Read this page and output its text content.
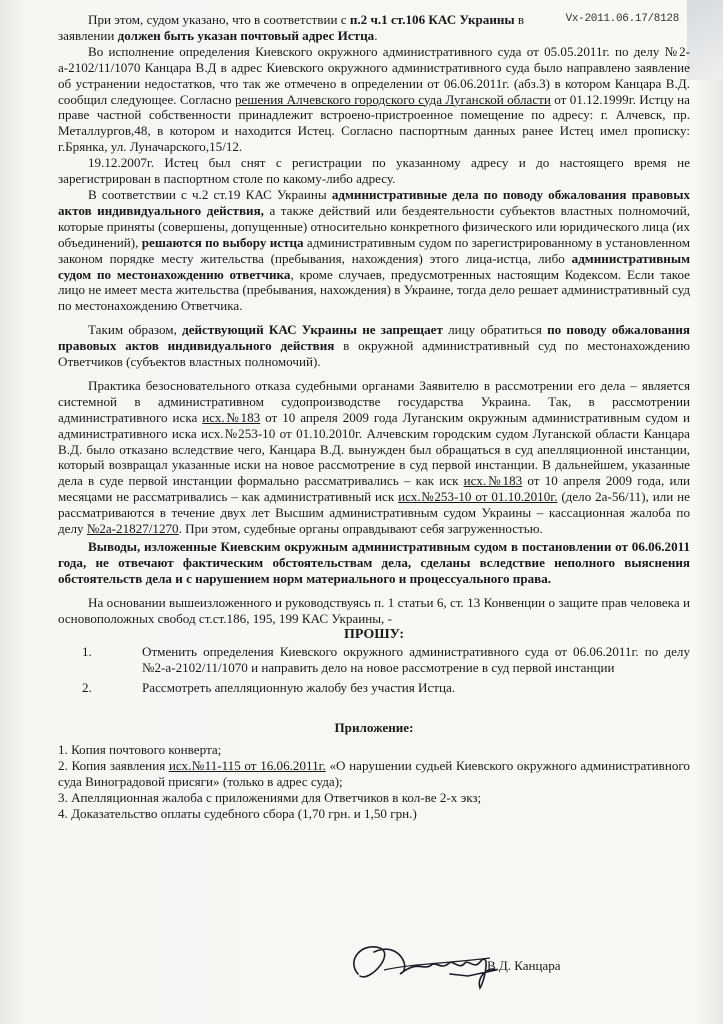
Vх-2011.06.17/8128

При этом, судом указано, что в соответствии с п.2 ч.1 ст.106 КАС Украины в

заявлении должен быть указан почтовый адрес Истца.

Во исполнение определения Киевского окружного административного суда от 05.05.2011г. по делу №2-а-2102/11/1070 Канцара В.Д в адрес Киевского окружного административного суда было направлено заявление об устранении недостатков, что так же отмечено в определении от 06.06.2011г. (абз.3) в котором Канцара В.Д. сообщил следующее. Согласно решения Алчевского городского суда Луганской области от 01.12.1999г. Истцу на праве частной собственности принадлежит встроено-пристроенное помещение по адресу: г. Алчевск, пр. Металлургов,48, в котором и находится Истец. Согласно паспортным данных ранее Истец имел прописку: г.Брянка, ул. Луначарского,15/12.

19.12.2007г. Истец был снят с регистрации по указанному адресу и до настоящего время не зарегистрирован в паспортном столе по какому-либо адресу.

В соответствии с ч.2 ст.19 КАС Украины административные дела по поводу обжалования правовых актов индивидуального действия, а также действий или бездеятельности субъектов властных полномочий, которые приняты (совершены, допущенные) относительно конкретного физического или юридического лица (их объединений), решаются по выбору истца административным судом по зарегистрированному в установленном законом порядке месту жительства (пребывания, нахождения) этого лица-истца, либо административным судом по местонахождению ответчика, кроме случаев, предусмотренных настоящим Кодексом. Если такое лицо не имеет места жительства (пребывания, нахождения) в Украине, тогда дело решает административный суд по местонахождению Ответчика.

Таким образом, действующий КАС Украины не запрещает лицу обратиться по поводу обжалования правовых актов индивидуального действия в окружной административный суд по местонахождению Ответчиков (субъектов властных полномочий).

Практика безосновательного отказа судебными органами Заявителю в рассмотрении его дела – является системной в административном судопроизводстве государства Украина. Так, в рассмотрении административного иска исх.№183 от 10 апреля 2009 года Луганским окружным административным судом и административного иска исх.№253-10 от 01.10.2010г. Алчевским городским судом Луганской области Канцара В.Д. было отказано вследствие чего, Канцара В.Д. вынужден был обращаться в суд апелляционной инстанции, который возвращал указанные иски на новое рассмотрение в суд первой инстанции. В дальнейшем, указанные дела в суде первой инстанции формально рассматривались – как иск исх.№183 от 10 апреля 2009 года, или месяцами не рассматривались – как административный иск исх.№253-10 от 01.10.2010г. (дело 2а-56/11), или не рассматриваются в течение двух лет Высшим административным судом Украины – кассационная жалоба по делу №2а-21827/1270. При этом, судебные органы оправдывают себя загруженностью.

Выводы, изложенные Киевским окружным административным судом в постановлении от 06.06.2011 года, не отвечают фактическим обстоятельствам дела, сделаны вследствие неполного выяснения обстоятельств дела и с нарушением норм материального и процессуального права.

На основании вышеизложенного и руководствуясь п. 1 статьи 6, ст. 13 Конвенции о защите прав человека и основоположных свобод ст.ст.186, 195, 199 КАС Украины, -

ПРОШУ:
1.	Отменить определения Киевского окружного административного суда от 06.06.2011г. по делу №2-а-2102/11/1070 и направить дело на новое рассмотрение в суд первой инстанции
2.	Рассмотреть апелляционную жалобу без участия Истца.
Приложение:

1. Копия почтового конверта;

2. Копия заявления исх.№11-115 от 16.06.2011г. «О нарушении судьей Киевского окружного административного суда Виноградовой присяги» (только в адрес суда);

3. Апелляционная жалоба с приложениями для Ответчиков в кол-ве 2-х экз;

4. Доказательство оплаты судебного сбора (1,70 грн. и 1,50 грн.)

В.Д. Канцара
